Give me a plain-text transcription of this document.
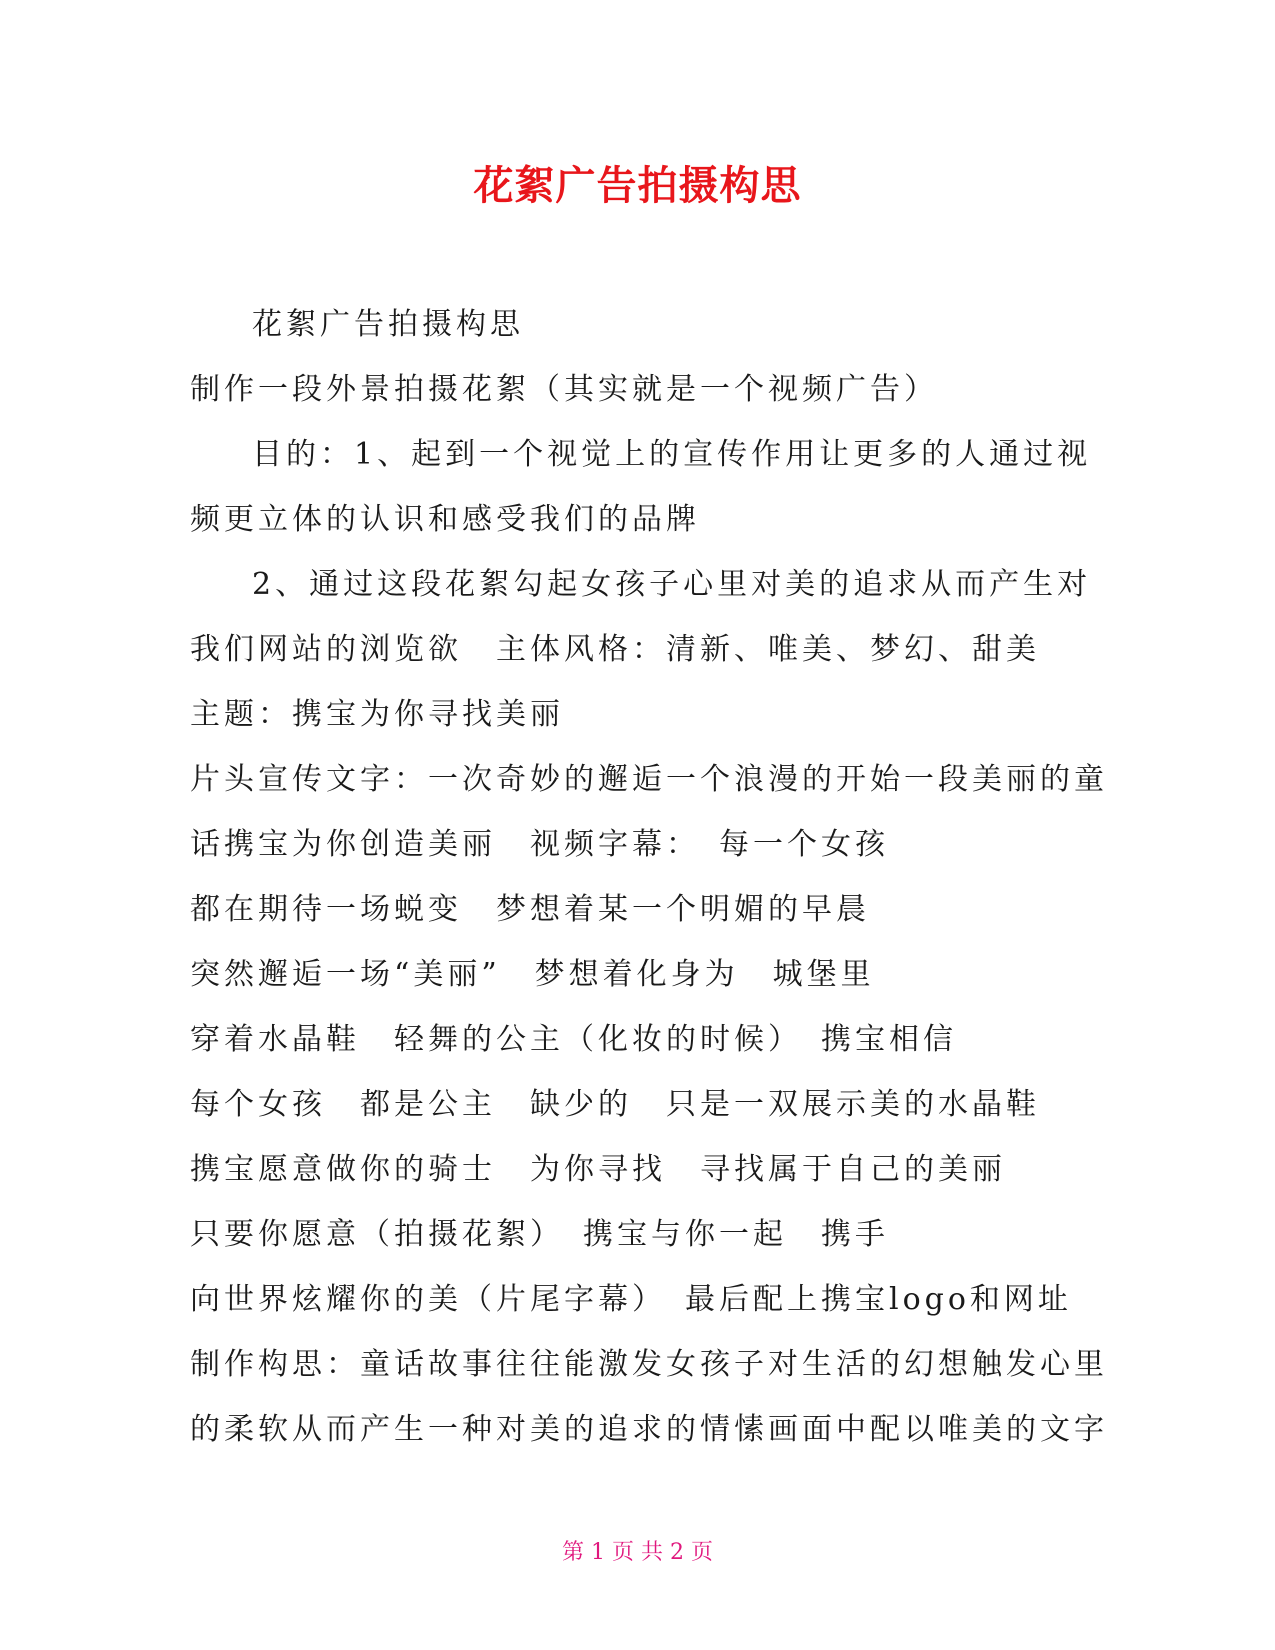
花絮广告拍摄构思
花絮广告拍摄构思
制作一段外景拍摄花絮（其实就是一个视频广告）
目的：1、起到一个视觉上的宣传作用让更多的人通过视
频更立体的认识和感受我们的品牌
2、通过这段花絮勾起女孩子心里对美的追求从而产生对
我们网站的浏览欲　主体风格：清新、唯美、梦幻、甜美
主题：携宝为你寻找美丽
片头宣传文字：一次奇妙的邂逅一个浪漫的开始一段美丽的童
话携宝为你创造美丽　视频字幕：　每一个女孩
都在期待一场蜕变　梦想着某一个明媚的早晨
突然邂逅一场“美丽”　梦想着化身为　城堡里
穿着水晶鞋　轻舞的公主（化妆的时候）　携宝相信
每个女孩　都是公主　缺少的　只是一双展示美的水晶鞋
携宝愿意做你的骑士　为你寻找　寻找属于自己的美丽
只要你愿意（拍摄花絮）　携宝与你一起　携手
向世界炫耀你的美（片尾字幕）　最后配上携宝logo和网址
制作构思：童话故事往往能激发女孩子对生活的幻想触发心里
的柔软从而产生一种对美的追求的情愫画面中配以唯美的文字
第 1 页 共 2 页
